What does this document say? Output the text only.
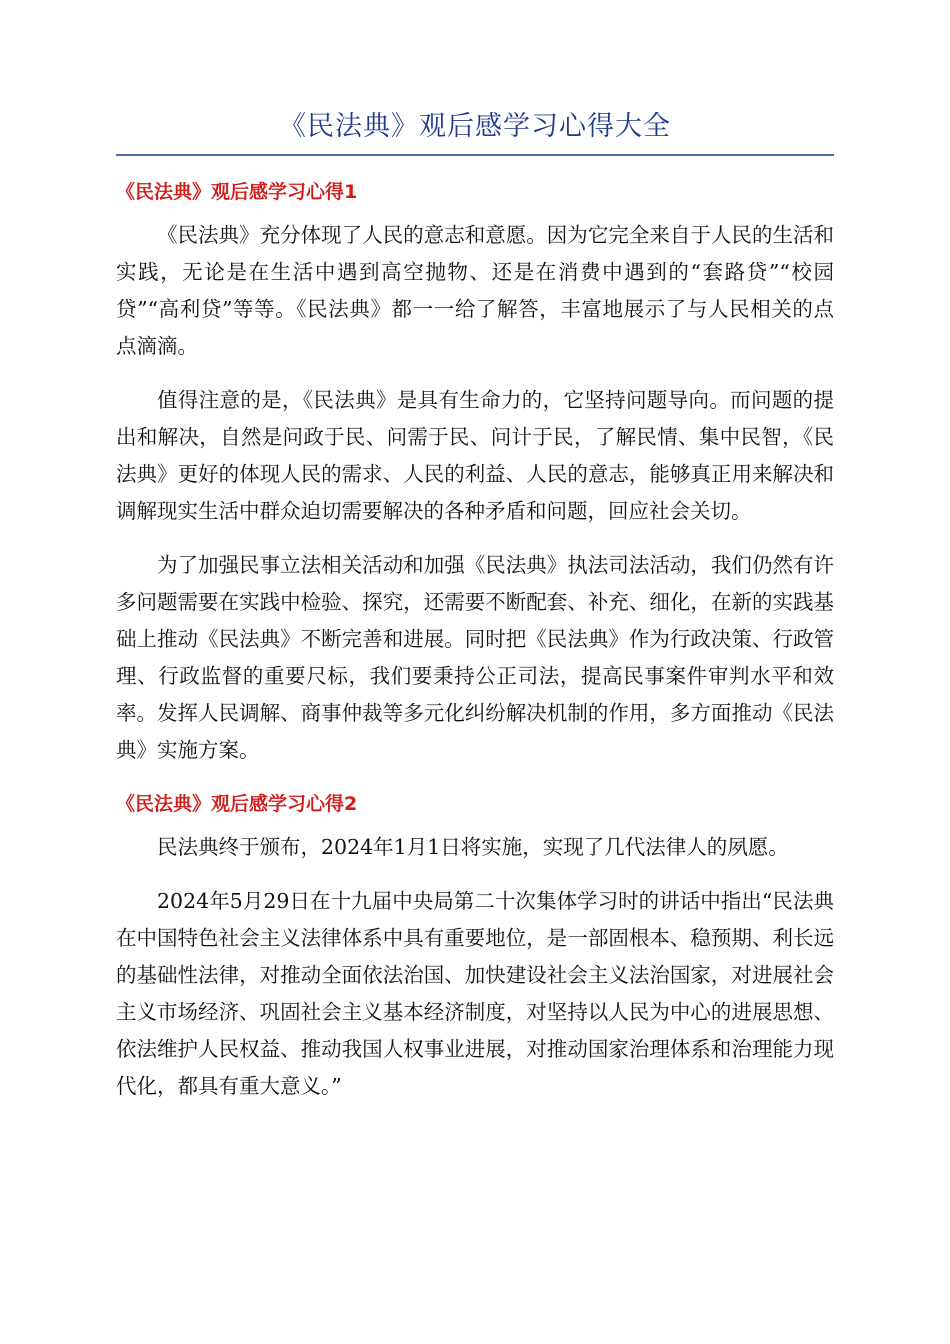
《民法典》观后感学习心得大全
《民法典》观后感学习心得1

《民法典》充分体现了人民的意志和意愿。因为它完全来自于人民的生活和实践，无论是在生活中遇到高空抛物、还是在消费中遇到的“套路贷”“校园贷”“高利贷”等等。《民法典》都一一给了解答，丰富地展示了与人民相关的点点滴滴。

值得注意的是，《民法典》是具有生命力的，它坚持问题导向。而问题的提出和解决，自然是问政于民、问需于民、问计于民，了解民情、集中民智，《民法典》更好的体现人民的需求、人民的利益、人民的意志，能够真正用来解决和调解现实生活中群众迫切需要解决的各种矛盾和问题，回应社会关切。

为了加强民事立法相关活动和加强《民法典》执法司法活动，我们仍然有许多问题需要在实践中检验、探究，还需要不断配套、补充、细化，在新的实践基础上推动《民法典》不断完善和进展。同时把《民法典》作为行政决策、行政管理、行政监督的重要尺标，我们要秉持公正司法，提高民事案件审判水平和效率。发挥人民调解、商事仲裁等多元化纠纷解决机制的作用，多方面推动《民法典》实施方案。

《民法典》观后感学习心得2

民法典终于颁布，2024年1月1日将实施，实现了几代法律人的夙愿。

2024年5月29日在十九届中央局第二十次集体学习时的讲话中指出“民法典在中国特色社会主义法律体系中具有重要地位，是一部固根本、稳预期、利长远的基础性法律，对推动全面依法治国、加快建设社会主义法治国家，对进展社会主义市场经济、巩固社会主义基本经济制度，对坚持以人民为中心的进展思想、依法维护人民权益、推动我国人权事业进展，对推动国家治理体系和治理能力现代化，都具有重大意义。”
